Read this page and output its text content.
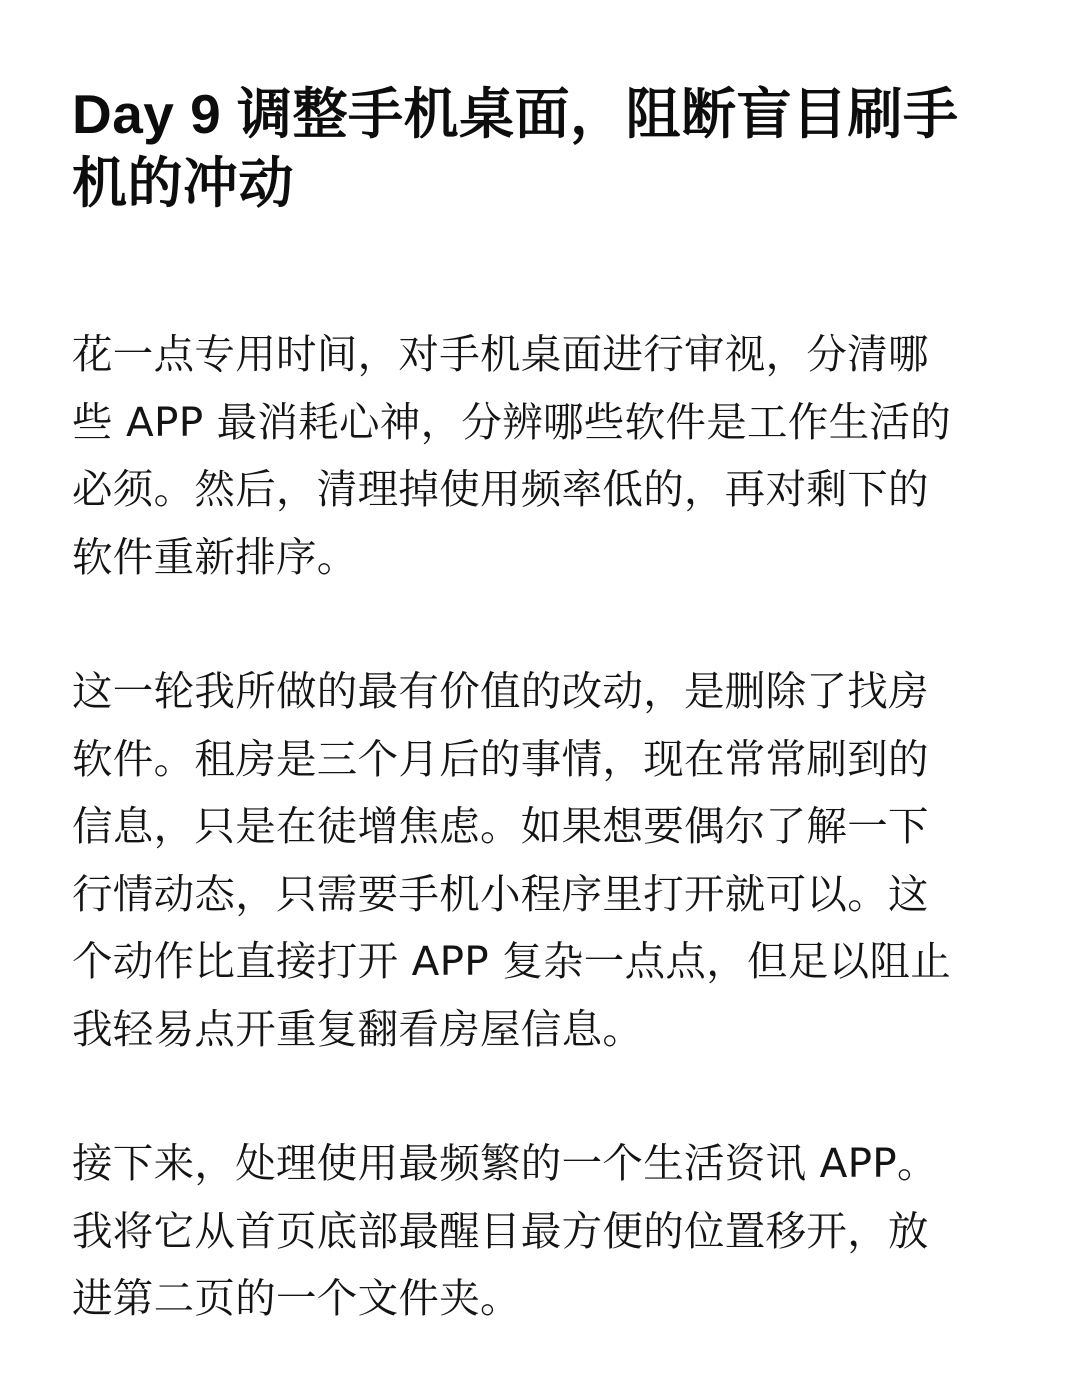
Day 9 调整手机桌面，阻断盲目刷手
机的冲动

花一点专用时间，对手机桌面进行审视，分清哪
些 APP 最消耗心神，分辨哪些软件是工作生活的
必须。然后，清理掉使用频率低的，再对剩下的
软件重新排序。

这一轮我所做的最有价值的改动，是删除了找房
软件。租房是三个月后的事情，现在常常刷到的
信息，只是在徒增焦虑。如果想要偶尔了解一下
行情动态，只需要手机小程序里打开就可以。这
个动作比直接打开 APP 复杂一点点，但足以阻止
我轻易点开重复翻看房屋信息。

接下来，处理使用最频繁的一个生活资讯 APP。
我将它从首页底部最醒目最方便的位置移开，放
进第二页的一个文件夹。
